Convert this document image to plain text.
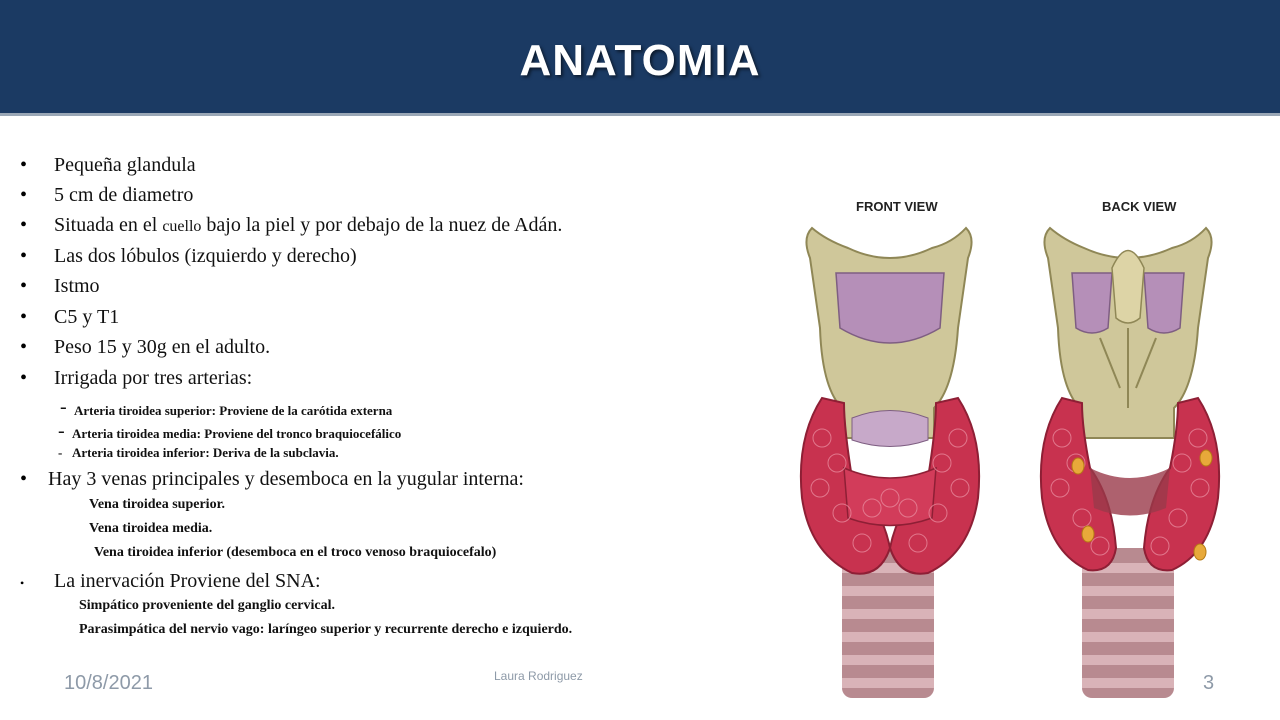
ANATOMIA
• Pequeña glandula
• 5 cm de diametro
• Situada en el cuello bajo la piel y por debajo de la nuez de Adán.
• Las dos lóbulos (izquierdo y derecho)
• Istmo
• C5 y T1
• Peso 15 y 30g en el adulto.
• Irrigada por tres arterias:
- Arteria tiroidea superior: Proviene de la carótida externa
- Arteria tiroidea media: Proviene del tronco braquiocefálico
- Arteria tiroidea inferior: Deriva de la subclavia.
• Hay 3 venas principales y desemboca en la yugular interna:
Vena tiroidea superior.
Vena tiroidea media.
Vena tiroidea inferior (desemboca en el troco venoso braquiocefalo)
• La inervación Proviene del SNA:
Simpático proveniente del ganglio cervical.
Parasimpática del nervio vago: laríngeo superior y recurrente derecho e izquierdo.
FRONT VIEW	BACK VIEW
10/8/2021	Laura Rodriguez	3
